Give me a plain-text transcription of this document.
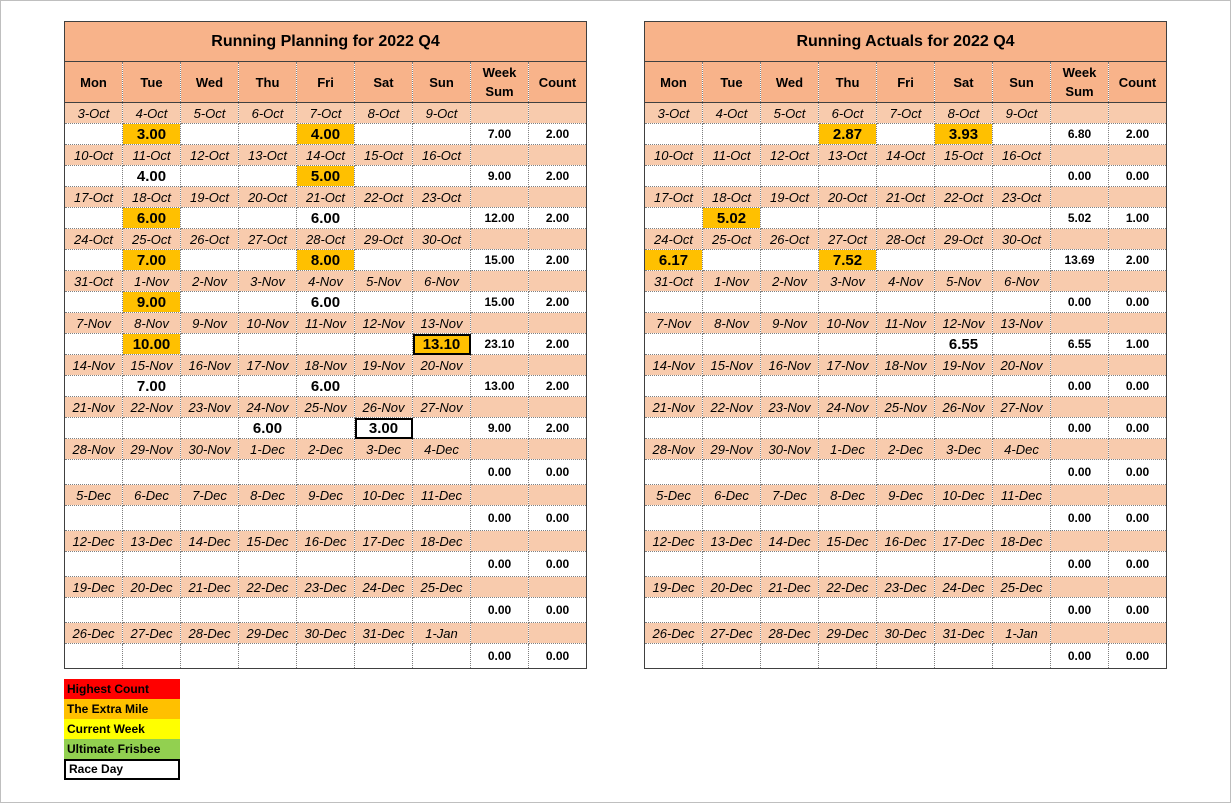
Running Planning for 2022 Q4								
Mon	Tue	Wed	Thu	Fri	Sat	Sun	Week Sum	Count
3-Oct	4-Oct	5-Oct	6-Oct	7-Oct	8-Oct	9-Oct		
	3.00			4.00			7.00	2.00
10-Oct	11-Oct	12-Oct	13-Oct	14-Oct	15-Oct	16-Oct		
	4.00			5.00			9.00	2.00
17-Oct	18-Oct	19-Oct	20-Oct	21-Oct	22-Oct	23-Oct		
	6.00			6.00			12.00	2.00
24-Oct	25-Oct	26-Oct	27-Oct	28-Oct	29-Oct	30-Oct		
	7.00			8.00			15.00	2.00
31-Oct	1-Nov	2-Nov	3-Nov	4-Nov	5-Nov	6-Nov		
	9.00			6.00			15.00	2.00
7-Nov	8-Nov	9-Nov	10-Nov	11-Nov	12-Nov	13-Nov		
	10.00					13.10	23.10	2.00
14-Nov	15-Nov	16-Nov	17-Nov	18-Nov	19-Nov	20-Nov		
	7.00			6.00			13.00	2.00
21-Nov	22-Nov	23-Nov	24-Nov	25-Nov	26-Nov	27-Nov		
			6.00		3.00		9.00	2.00
28-Nov	29-Nov	30-Nov	1-Dec	2-Dec	3-Dec	4-Dec		
							0.00	0.00
5-Dec	6-Dec	7-Dec	8-Dec	9-Dec	10-Dec	11-Dec		
							0.00	0.00
12-Dec	13-Dec	14-Dec	15-Dec	16-Dec	17-Dec	18-Dec		
							0.00	0.00
19-Dec	20-Dec	21-Dec	22-Dec	23-Dec	24-Dec	25-Dec		
							0.00	0.00
26-Dec	27-Dec	28-Dec	29-Dec	30-Dec	31-Dec	1-Jan		
							0.00	0.00
Running Actuals for 2022 Q4								
Mon	Tue	Wed	Thu	Fri	Sat	Sun	Week Sum	Count
3-Oct	4-Oct	5-Oct	6-Oct	7-Oct	8-Oct	9-Oct		
			2.87		3.93		6.80	2.00
10-Oct	11-Oct	12-Oct	13-Oct	14-Oct	15-Oct	16-Oct		
							0.00	0.00
17-Oct	18-Oct	19-Oct	20-Oct	21-Oct	22-Oct	23-Oct		
	5.02						5.02	1.00
24-Oct	25-Oct	26-Oct	27-Oct	28-Oct	29-Oct	30-Oct		
6.17			7.52				13.69	2.00
31-Oct	1-Nov	2-Nov	3-Nov	4-Nov	5-Nov	6-Nov		
							0.00	0.00
7-Nov	8-Nov	9-Nov	10-Nov	11-Nov	12-Nov	13-Nov		
					6.55		6.55	1.00
14-Nov	15-Nov	16-Nov	17-Nov	18-Nov	19-Nov	20-Nov		
							0.00	0.00
21-Nov	22-Nov	23-Nov	24-Nov	25-Nov	26-Nov	27-Nov		
							0.00	0.00
28-Nov	29-Nov	30-Nov	1-Dec	2-Dec	3-Dec	4-Dec		
							0.00	0.00
5-Dec	6-Dec	7-Dec	8-Dec	9-Dec	10-Dec	11-Dec		
							0.00	0.00
12-Dec	13-Dec	14-Dec	15-Dec	16-Dec	17-Dec	18-Dec		
							0.00	0.00
19-Dec	20-Dec	21-Dec	22-Dec	23-Dec	24-Dec	25-Dec		
							0.00	0.00
26-Dec	27-Dec	28-Dec	29-Dec	30-Dec	31-Dec	1-Jan		
							0.00	0.00
Highest Count
The Extra Mile
Current Week
Ultimate Frisbee
Race Day
